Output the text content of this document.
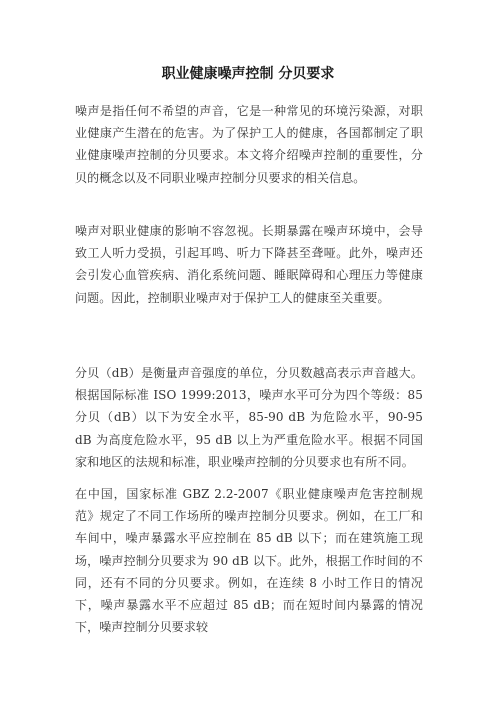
职业健康噪声控制 分贝要求

噪声是指任何不希望的声音，它是一种常见的环境污染源，对职业健康产生潜在的危害。为了保护工人的健康，各国都制定了职业健康噪声控制的分贝要求。本文将介绍噪声控制的重要性，分贝的概念以及不同职业噪声控制分贝要求的相关信息。

噪声对职业健康的影响不容忽视。长期暴露在噪声环境中，会导致工人听力受损，引起耳鸣、听力下降甚至聋哑。此外，噪声还会引发心血管疾病、消化系统问题、睡眠障碍和心理压力等健康问题。因此，控制职业噪声对于保护工人的健康至关重要。

分贝（dB）是衡量声音强度的单位，分贝数越高表示声音越大。根据国际标准 ISO 1999:2013，噪声水平可分为四个等级：85 分贝（dB）以下为安全水平，85-90 dB 为危险水平，90-95 dB 为高度危险水平，95 dB 以上为严重危险水平。根据不同国家和地区的法规和标准，职业噪声控制的分贝要求也有所不同。

在中国，国家标准 GBZ 2.2-2007《职业健康噪声危害控制规范》规定了不同工作场所的噪声控制分贝要求。例如，在工厂和车间中，噪声暴露水平应控制在 85 dB 以下；而在建筑施工现场，噪声控制分贝要求为 90 dB 以下。此外，根据工作时间的不同，还有不同的分贝要求。例如，在连续 8 小时工作日的情况下，噪声暴露水平不应超过 85 dB；而在短时间内暴露的情况下，噪声控制分贝要求较
